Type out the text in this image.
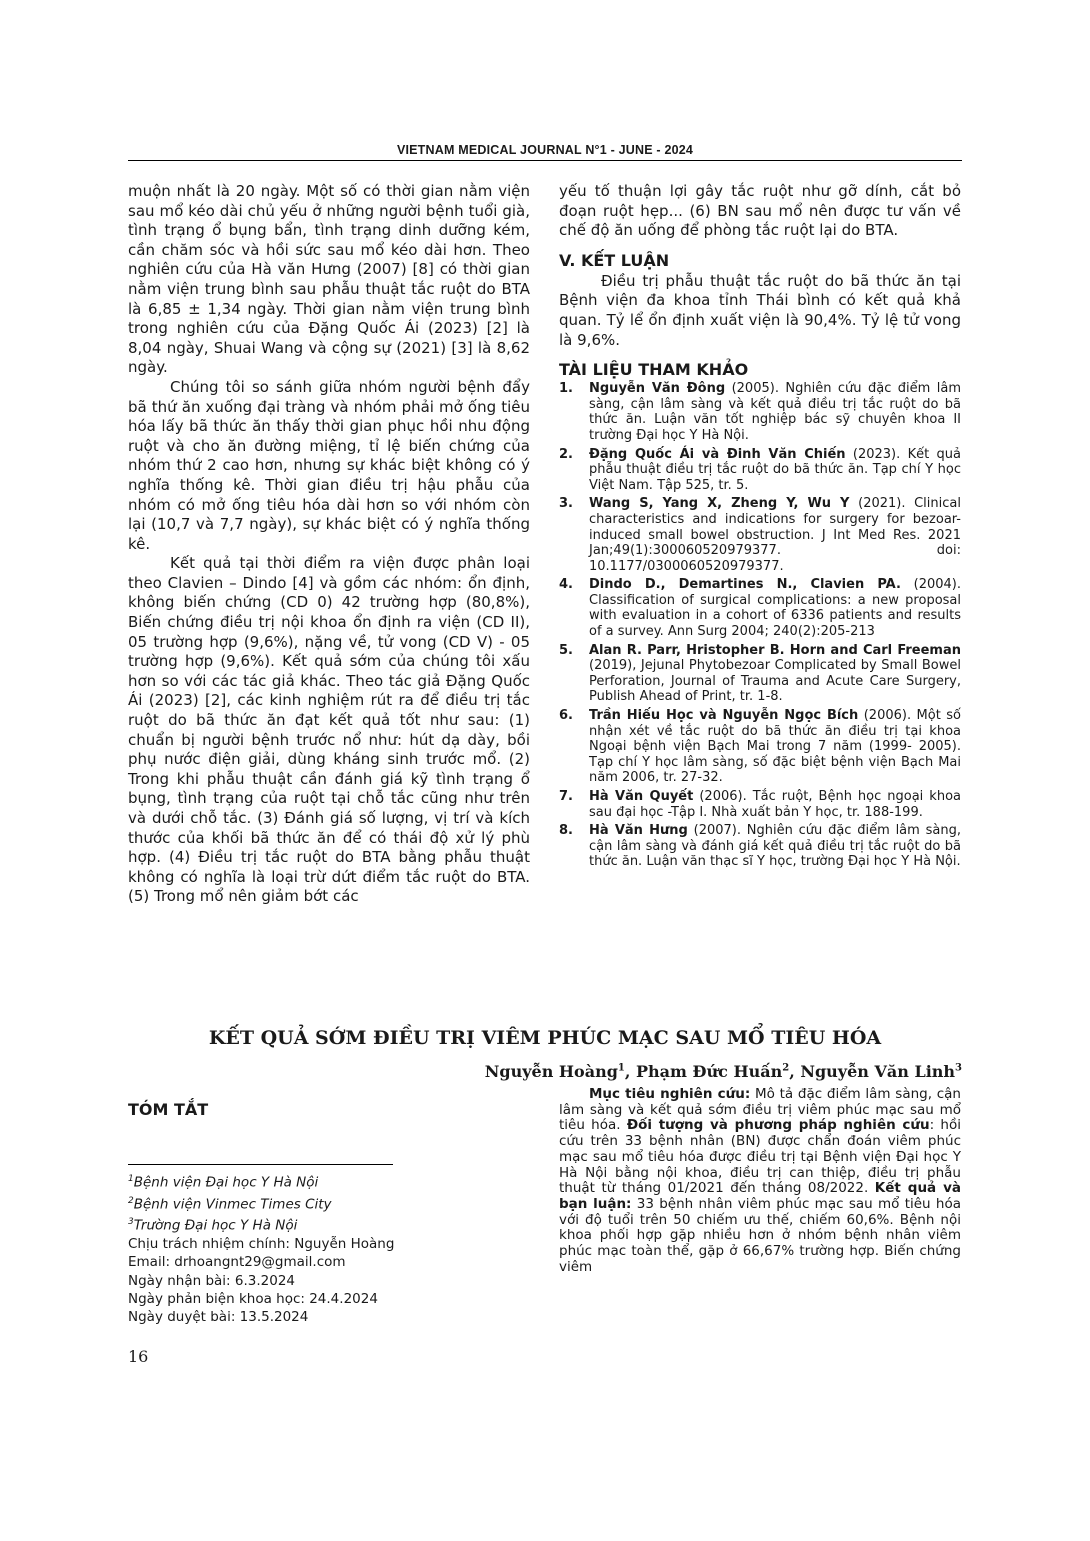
VIETNAM MEDICAL JOURNAL N°1 - JUNE - 2024

muộn nhất là 20 ngày. Một số có thời gian nằm viện sau mổ kéo dài chủ yếu ở những người bệnh tuổi già, tình trạng ổ bụng bẩn, tình trạng dinh dưỡng kém, cần chăm sóc và hồi sức sau mổ kéo dài hơn. Theo nghiên cứu của Hà văn Hưng (2007) [8] có thời gian nằm viện trung bình sau phẫu thuật tắc ruột do BTA là 6,85 ± 1,34 ngày. Thời gian nằm viện trung bình trong nghiên cứu của Đặng Quốc Ái (2023) [2] là 8,04 ngày, Shuai Wang và cộng sự (2021) [3] là 8,62 ngày.

Chúng tôi so sánh giữa nhóm người bệnh đẩy bã thứ ăn xuống đại tràng và nhóm phải mở ống tiêu hóa lấy bã thức ăn thấy thời gian phục hồi nhu động ruột và cho ăn đường miệng, tỉ lệ biến chứng của nhóm thứ 2 cao hơn, nhưng sự khác biệt không có ý nghĩa thống kê. Thời gian điều trị hậu phẫu của nhóm có mở ống tiêu hóa dài hơn so với nhóm còn lại (10,7 và 7,7 ngày), sự khác biệt có ý nghĩa thống kê.

Kết quả tại thời điểm ra viện được phân loại theo Clavien – Dindo [4] và gồm các nhóm: ổn định, không biến chứng (CD 0) 42 trường hợp (80,8%), Biến chứng điều trị nội khoa ổn định ra viện (CD II), 05 trường hợp (9,6%), nặng về, tử vong (CD V) - 05 trường hợp (9,6%). Kết quả sớm của chúng tôi xấu hơn so với các tác giả khác. Theo tác giả Đặng Quốc Ái (2023) [2], các kinh nghiệm rút ra để điều trị tắc ruột do bã thức ăn đạt kết quả tốt như sau: (1) chuẩn bị người bệnh trước nổ như: hút dạ dày, bồi phụ nước điện giải, dùng kháng sinh trước mổ. (2) Trong khi phẫu thuật cần đánh giá kỹ tình trạng ổ bụng, tình trạng của ruột tại chỗ tắc cũng như trên và dưới chỗ tắc. (3) Đánh giá số lượng, vị trí và kích thước của khối bã thức ăn để có thái độ xử lý phù hợp. (4) Điều trị tắc ruột do BTA bằng phẫu thuật không có nghĩa là loại trừ dứt điểm tắc ruột do BTA. (5) Trong mổ nên giảm bớt các

yếu tố thuận lợi gây tắc ruột như gỡ dính, cắt bỏ đoạn ruột hẹp... (6) BN sau mổ nên được tư vấn về chế độ ăn uống để phòng tắc ruột lại do BTA.

V. KẾT LUẬN

Điều trị phẫu thuật tắc ruột do bã thức ăn tại Bệnh viện đa khoa tỉnh Thái bình có kết quả khả quan. Tỷ lể ổn định xuất viện là 90,4%. Tỷ lệ tử vong là 9,6%.

TÀI LIỆU THAM KHẢO
1. Nguyễn Văn Đông (2005). Nghiên cứu đặc điểm lâm sàng, cận lâm sàng và kết quả điều trị tắc ruột do bã thức ăn. Luận văn tốt nghiệp bác sỹ chuyên khoa II trường Đại học Y Hà Nội.
2. Đặng Quốc Ái và Đinh Văn Chiến (2023). Kết quả phẫu thuật điều trị tắc ruột do bã thức ăn. Tạp chí Y học Việt Nam. Tập 525, tr. 5.
3. Wang S, Yang X, Zheng Y, Wu Y (2021). Clinical characteristics and indications for surgery for bezoar-induced small bowel obstruction. J Int Med Res. 2021 Jan;49(1):300060520979377. doi: 10.1177/0300060520979377.
4. Dindo D., Demartines N., Clavien PA. (2004). Classification of surgical complications: a new proposal with evaluation in a cohort of 6336 patients and results of a survey. Ann Surg 2004; 240(2):205-213
5. Alan R. Parr, Hristopher B. Horn and Carl Freeman (2019), Jejunal Phytobezoar Complicated by Small Bowel Perforation, Journal of Trauma and Acute Care Surgery, Publish Ahead of Print, tr. 1-8.
6. Trần Hiếu Học và Nguyễn Ngọc Bích (2006). Một số nhận xét về tắc ruột do bã thức ăn điều trị tại khoa Ngoại bệnh viện Bạch Mai trong 7 năm (1999- 2005). Tạp chí Y học lâm sàng, số đặc biệt bệnh viện Bạch Mai năm 2006, tr. 27-32.
7. Hà Văn Quyết (2006). Tắc ruột, Bệnh học ngoại khoa sau đại học -Tập I. Nhà xuất bản Y học, tr. 188-199.
8. Hà Văn Hưng (2007). Nghiên cứu đặc điểm lâm sàng, cận lâm sàng và đánh giá kết quả điều trị tắc ruột do bã thức ăn. Luận văn thạc sĩ Y học, trường Đại học Y Hà Nội.
KẾT QUẢ SỚM ĐIỀU TRỊ VIÊM PHÚC MẠC SAU MỔ TIÊU HÓA
Nguyễn Hoàng$^1$, Phạm Đức Huấn$^2$, Nguyễn Văn Linh$^3$
TÓM TẮT

Mục tiêu nghiên cứu: Mô tả đặc điểm lâm sàng, cận lâm sàng và kết quả sớm điều trị viêm phúc mạc sau mổ tiêu hóa. Đối tượng và phương pháp nghiên cứu: hồi cứu trên 33 bệnh nhân (BN) được chẩn đoán viêm phúc mạc sau mổ tiêu hóa được điều trị tại Bệnh viện Đại học Y Hà Nội bằng nội khoa, điều trị can thiệp, điều trị phẫu thuật từ tháng 01/2021 đến tháng 08/2022. Kết quả và bạn luận: 33 bệnh nhân viêm phúc mạc sau mổ tiêu hóa với độ tuổi trên 50 chiếm ưu thế, chiếm 60,6%. Bệnh nội khoa phối hợp gặp nhiều hơn ở nhóm bệnh nhân viêm phúc mạc toàn thể, gặp ở 66,67% trường hợp. Biến chứng viêm

$^1$Bệnh viện Đại học Y Hà Nội
$^2$Bệnh viện Vinmec Times City
$^3$Trường Đại học Y Hà Nội
Chịu trách nhiệm chính: Nguyễn Hoàng
Email: drhoangnt29@gmail.com
Ngày nhận bài: 6.3.2024
Ngày phản biện khoa học: 24.4.2024
Ngày duyệt bài: 13.5.2024
16
